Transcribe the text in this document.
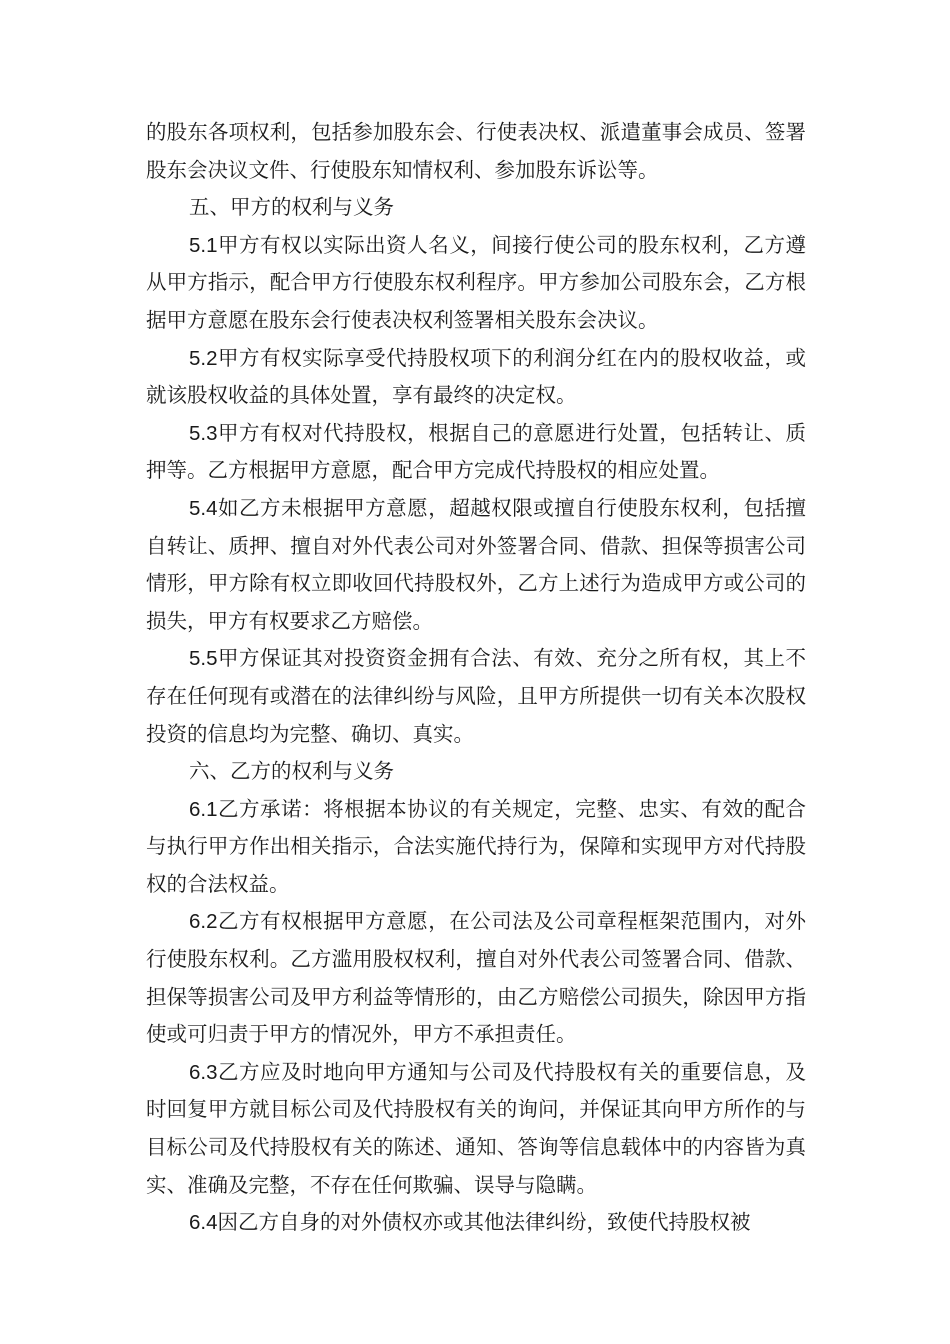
的股东各项权利，包括参加股东会、行使表决权、派遣董事会成员、签署股东会决议文件、行使股东知情权利、参加股东诉讼等。

五、甲方的权利与义务

5.1甲方有权以实际出资人名义，间接行使公司的股东权利，乙方遵从甲方指示，配合甲方行使股东权利程序。甲方参加公司股东会，乙方根据甲方意愿在股东会行使表决权利签署相关股东会决议。

5.2甲方有权实际享受代持股权项下的利润分红在内的股权收益，或就该股权收益的具体处置，享有最终的决定权。

5.3甲方有权对代持股权，根据自己的意愿进行处置，包括转让、质押等。乙方根据甲方意愿，配合甲方完成代持股权的相应处置。

5.4如乙方未根据甲方意愿，超越权限或擅自行使股东权利，包括擅自转让、质押、擅自对外代表公司对外签署合同、借款、担保等损害公司情形，甲方除有权立即收回代持股权外，乙方上述行为造成甲方或公司的损失，甲方有权要求乙方赔偿。

5.5甲方保证其对投资资金拥有合法、有效、充分之所有权，其上不存在任何现有或潜在的法律纠纷与风险，且甲方所提供一切有关本次股权投资的信息均为完整、确切、真实。

六、乙方的权利与义务

6.1乙方承诺：将根据本协议的有关规定，完整、忠实、有效的配合与执行甲方作出相关指示，合法实施代持行为，保障和实现甲方对代持股权的合法权益。

6.2乙方有权根据甲方意愿，在公司法及公司章程框架范围内，对外行使股东权利。乙方滥用股权权利，擅自对外代表公司签署合同、借款、担保等损害公司及甲方利益等情形的，由乙方赔偿公司损失，除因甲方指使或可归责于甲方的情况外，甲方不承担责任。

6.3乙方应及时地向甲方通知与公司及代持股权有关的重要信息，及时回复甲方就目标公司及代持股权有关的询问，并保证其向甲方所作的与目标公司及代持股权有关的陈述、通知、答询等信息载体中的内容皆为真实、准确及完整，不存在任何欺骗、误导与隐瞒。

6.4因乙方自身的对外债权亦或其他法律纠纷，致使代持股权被
